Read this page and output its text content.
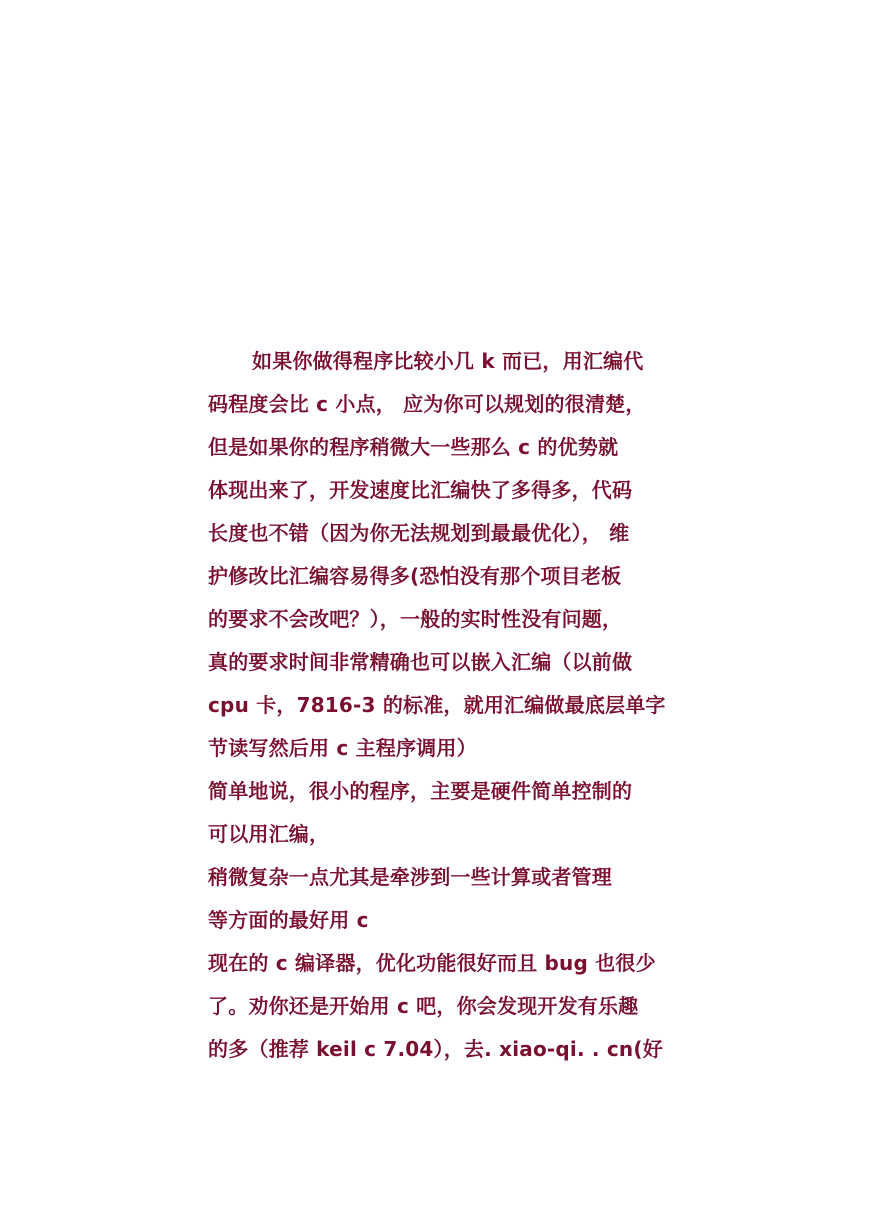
如果你做得程序比较小几 k 而已，用汇编代
码程度会比 c 小点， 应为你可以规划的很清楚，
但是如果你的程序稍微大一些那么 c 的优势就
体现出来了，开发速度比汇编快了多得多，代码
长度也不错（因为你无法规划到最最优化）， 维
护修改比汇编容易得多(恐怕没有那个项目老板
的要求不会改吧？），一般的实时性没有问题，
真的要求时间非常精确也可以嵌入汇编（以前做
cpu 卡，7816-3 的标准，就用汇编做最底层单字
节读写然后用 c 主程序调用）
简单地说，很小的程序，主要是硬件简单控制的
可以用汇编，
稍微复杂一点尤其是牵涉到一些计算或者管理
等方面的最好用 c
现在的 c 编译器，优化功能很好而且 bug 也很少
了。劝你还是开始用 c 吧，你会发现开发有乐趣
的多（推荐 keil c 7.04），去. xiao-qi. . cn(好
